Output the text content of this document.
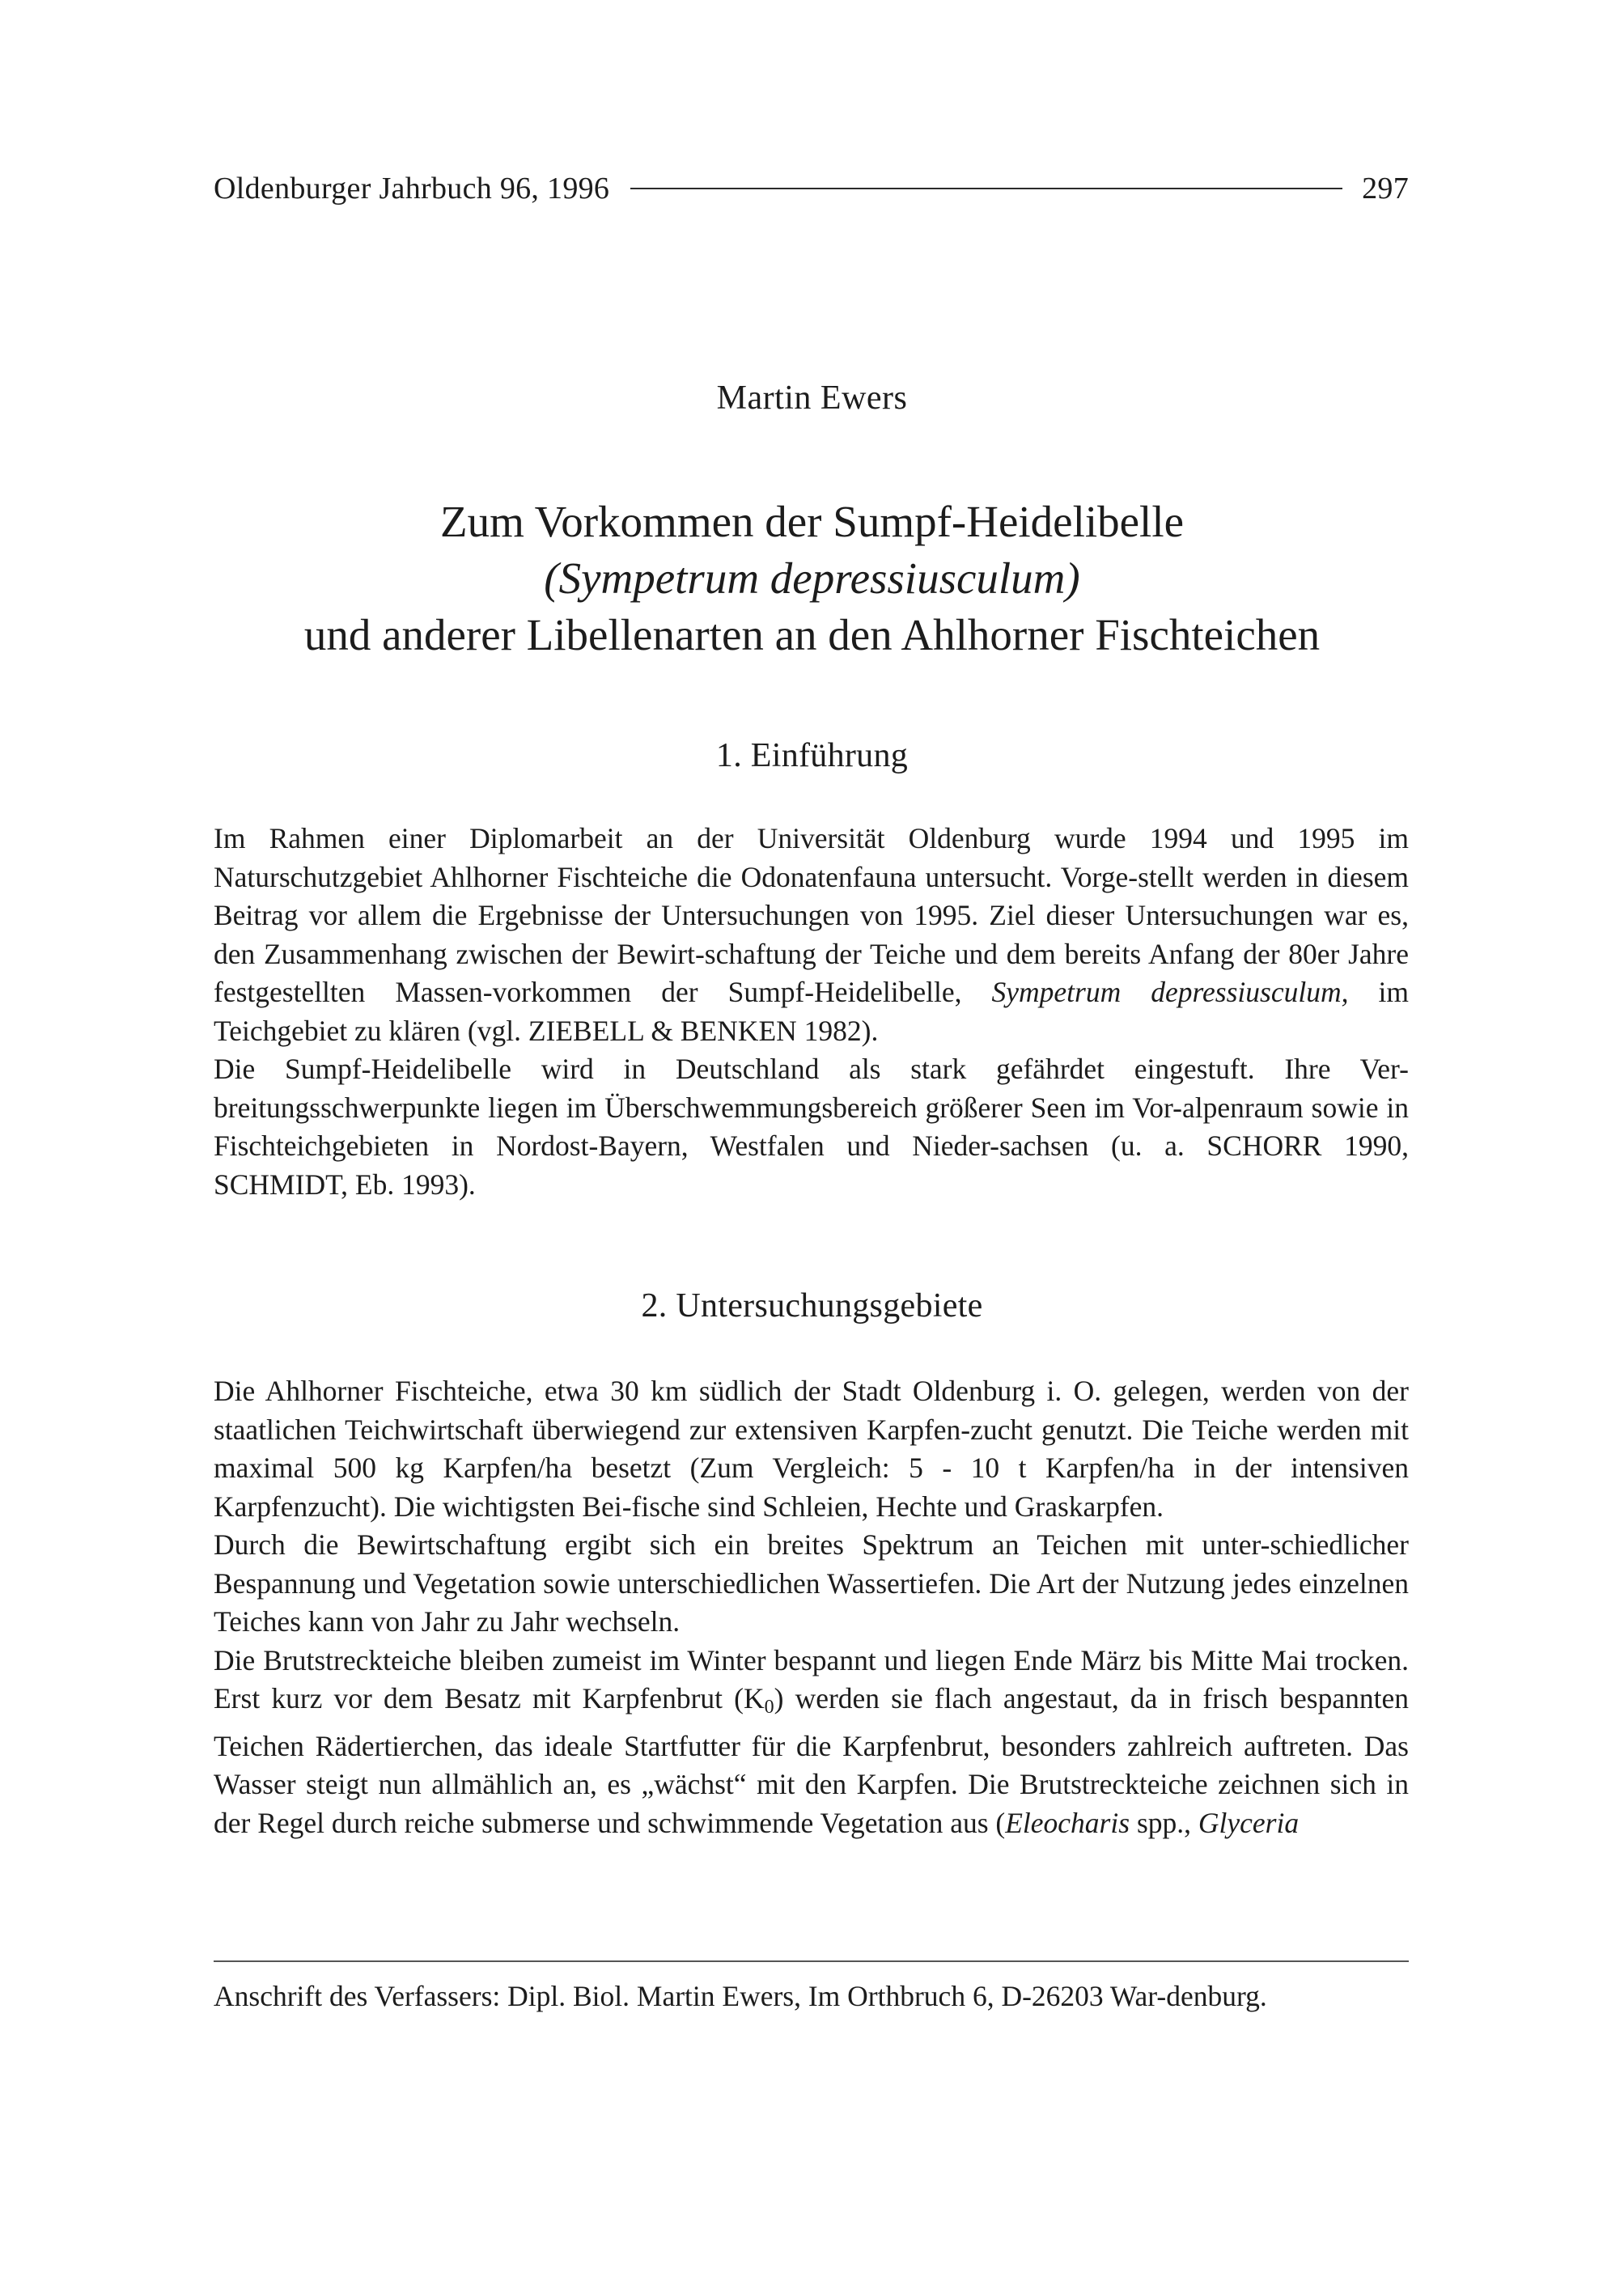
Oldenburger Jahrbuch 96, 1996	297
Martin Ewers
Zum Vorkommen der Sumpf-Heidelibelle
(Sympetrum depressiusculum)
und anderer Libellenarten an den Ahlhorner Fischteichen
1. Einführung

Im Rahmen einer Diplomarbeit an der Universität Oldenburg wurde 1994 und 1995 im Naturschutzgebiet Ahlhorner Fischteiche die Odonatenfauna untersucht. Vorge-stellt werden in diesem Beitrag vor allem die Ergebnisse der Untersuchungen von 1995. Ziel dieser Untersuchungen war es, den Zusammenhang zwischen der Bewirt-schaftung der Teiche und dem bereits Anfang der 80er Jahre festgestellten Massen-vorkommen der Sumpf-Heidelibelle, Sympetrum depressiusculum, im Teichgebiet zu klären (vgl. ZIEBELL & BENKEN 1982).

Die Sumpf-Heidelibelle wird in Deutschland als stark gefährdet eingestuft. Ihre Ver-breitungsschwerpunkte liegen im Überschwemmungsbereich größerer Seen im Vor-alpenraum sowie in Fischteichgebieten in Nordost-Bayern, Westfalen und Nieder-sachsen (u. a. SCHORR 1990, SCHMIDT, Eb. 1993).

2. Untersuchungsgebiete

Die Ahlhorner Fischteiche, etwa 30 km südlich der Stadt Oldenburg i. O. gelegen, werden von der staatlichen Teichwirtschaft überwiegend zur extensiven Karpfen-zucht genutzt. Die Teiche werden mit maximal 500 kg Karpfen/ha besetzt (Zum Vergleich: 5 - 10 t Karpfen/ha in der intensiven Karpfenzucht). Die wichtigsten Bei-fische sind Schleien, Hechte und Graskarpfen.

Durch die Bewirtschaftung ergibt sich ein breites Spektrum an Teichen mit unter-schiedlicher Bespannung und Vegetation sowie unterschiedlichen Wassertiefen. Die Art der Nutzung jedes einzelnen Teiches kann von Jahr zu Jahr wechseln.

Die Brutstreckteiche bleiben zumeist im Winter bespannt und liegen Ende März bis Mitte Mai trocken. Erst kurz vor dem Besatz mit Karpfenbrut $(K_0)$ werden sie flach angestaut, da in frisch bespannten Teichen Rädertierchen, das ideale Startfutter für die Karpfenbrut, besonders zahlreich auftreten. Das Wasser steigt nun allmählich an, es „wächst“ mit den Karpfen. Die Brutstreckteiche zeichnen sich in der Regel durch reiche submerse und schwimmende Vegetation aus (Eleocharis spp., Glyceria

Anschrift des Verfassers: Dipl. Biol. Martin Ewers, Im Orthbruch 6, D-26203 War-denburg.
